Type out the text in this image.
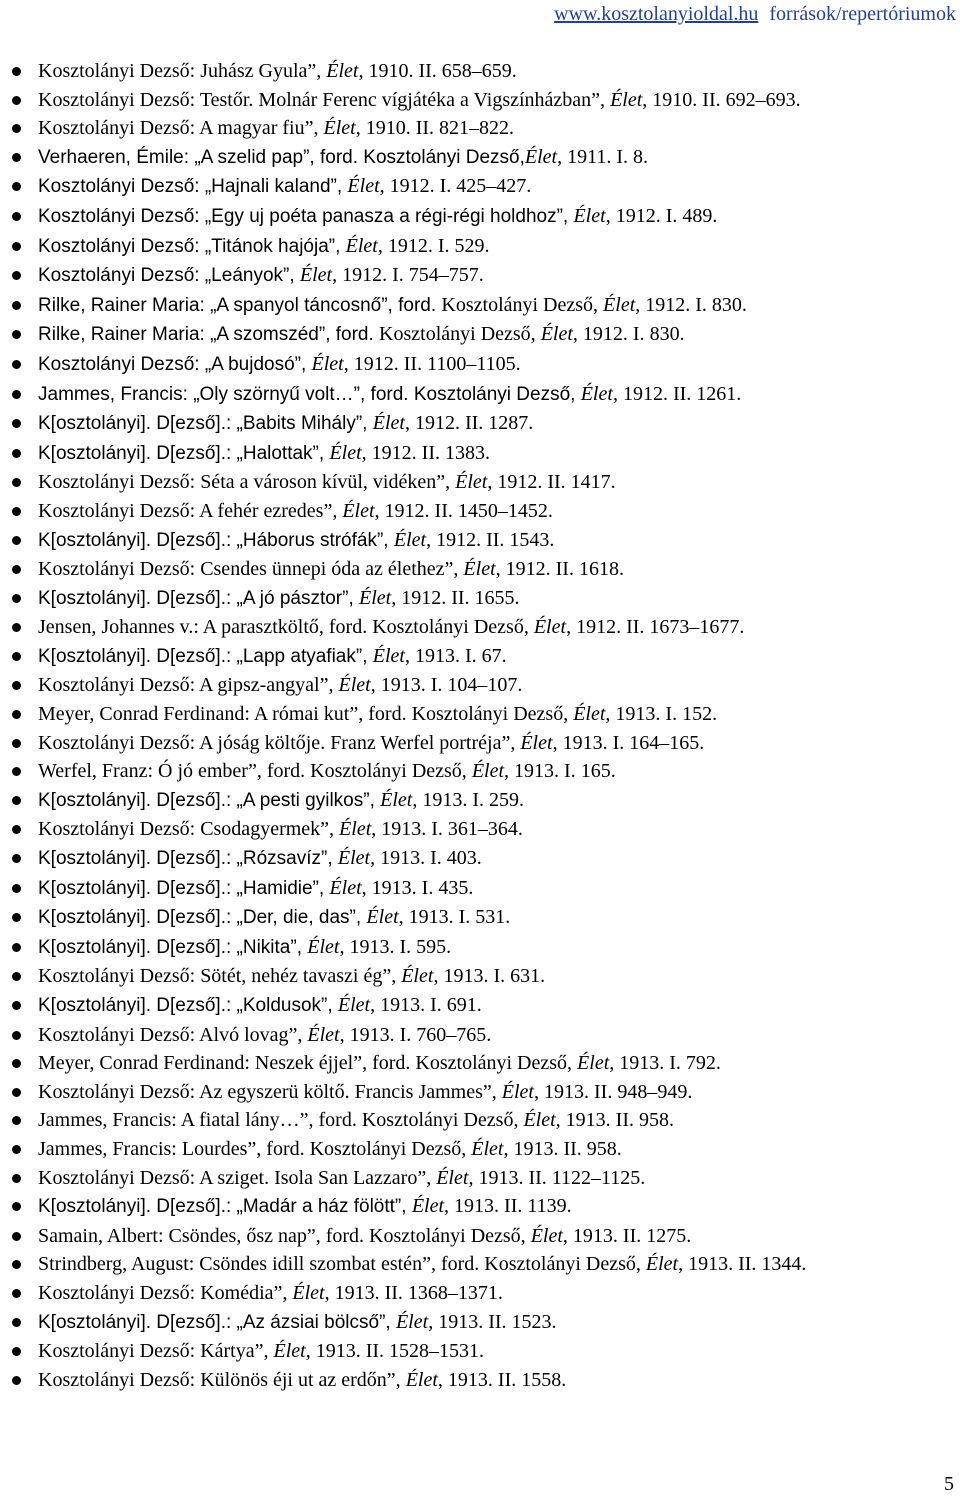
www.kosztolanyioldal.hu források/repertóriumok
Kosztolányi Dezső: Juhász Gyula”, Élet, 1910. II. 658–659.
Kosztolányi Dezső: Testőr. Molnár Ferenc vígjátéka a Vigszínházban”, Élet, 1910. II. 692–693.
Kosztolányi Dezső: A magyar fiu”, Élet, 1910. II. 821–822.
Verhaeren, Émile: „A szelid pap”, ford. Kosztolányi Dezső,Élet, 1911. I. 8.
Kosztolányi Dezső: „Hajnali kaland”, Élet, 1912. I. 425–427.
Kosztolányi Dezső: „Egy uj poéta panasza a régi-régi holdhoz”, Élet, 1912. I. 489.
Kosztolányi Dezső: „Titánok hajója”, Élet, 1912. I. 529.
Kosztolányi Dezső: „Leányok”, Élet, 1912. I. 754–757.
Rilke, Rainer Maria: „A spanyol táncosnő”, ford. Kosztolányi Dezső, Élet, 1912. I. 830.
Rilke, Rainer Maria: „A szomszéd”, ford. Kosztolányi Dezső, Élet, 1912. I. 830.
Kosztolányi Dezső: „A bujdosó”, Élet, 1912. II. 1100–1105.
Jammes, Francis: „Oly szörnyű volt…”, ford. Kosztolányi Dezső, Élet, 1912. II. 1261.
K[osztolányi]. D[ezső].: „Babits Mihály”, Élet, 1912. II. 1287.
K[osztolányi]. D[ezső].: „Halottak”, Élet, 1912. II. 1383.
Kosztolányi Dezső: Séta a városon kívül, vidéken”, Élet, 1912. II. 1417.
Kosztolányi Dezső: A fehér ezredes”, Élet, 1912. II. 1450–1452.
K[osztolányi]. D[ezső].: „Háborus strófák”, Élet, 1912. II. 1543.
Kosztolányi Dezső: Csendes ünnepi óda az élethez”, Élet, 1912. II. 1618.
K[osztolányi]. D[ezső].: „A jó pásztor”, Élet, 1912. II. 1655.
Jensen, Johannes v.: A parasztköltő, ford. Kosztolányi Dezső, Élet, 1912. II. 1673–1677.
K[osztolányi]. D[ezső].: „Lapp atyafiak”, Élet, 1913. I. 67.
Kosztolányi Dezső: A gipsz-angyal”, Élet, 1913. I. 104–107.
Meyer, Conrad Ferdinand: A római kut”, ford. Kosztolányi Dezső, Élet, 1913. I. 152.
Kosztolányi Dezső: A jóság költője. Franz Werfel portréja”, Élet, 1913. I. 164–165.
Werfel, Franz: Ó jó ember”, ford. Kosztolányi Dezső, Élet, 1913. I. 165.
K[osztolányi]. D[ezső].: „A pesti gyilkos”, Élet, 1913. I. 259.
Kosztolányi Dezső: Csodagyermek”, Élet, 1913. I. 361–364.
K[osztolányi]. D[ezső].: „Rózsavíz”, Élet, 1913. I. 403.
K[osztolányi]. D[ezső].: „Hamidie”, Élet, 1913. I. 435.
K[osztolányi]. D[ezső].: „Der, die, das”, Élet, 1913. I. 531.
K[osztolányi]. D[ezső].: „Nikita”, Élet, 1913. I. 595.
Kosztolányi Dezső: Sötét, nehéz tavaszi ég”, Élet, 1913. I. 631.
K[osztolányi]. D[ezső].: „Koldusok”, Élet, 1913. I. 691.
Kosztolányi Dezső: Alvó lovag”, Élet, 1913. I. 760–765.
Meyer, Conrad Ferdinand: Neszek éjjel”, ford. Kosztolányi Dezső, Élet, 1913. I. 792.
Kosztolányi Dezső: Az egyszerü költő. Francis Jammes”, Élet, 1913. II. 948–949.
Jammes, Francis: A fiatal lány…”, ford. Kosztolányi Dezső, Élet, 1913. II. 958.
Jammes, Francis: Lourdes”, ford. Kosztolányi Dezső, Élet, 1913. II. 958.
Kosztolányi Dezső: A sziget. Isola San Lazzaro”, Élet, 1913. II. 1122–1125.
K[osztolányi]. D[ezső].: „Madár a ház fölött”, Élet, 1913. II. 1139.
Samain, Albert: Csöndes, ősz nap”, ford. Kosztolányi Dezső, Élet, 1913. II. 1275.
Strindberg, August: Csöndes idill szombat estén”, ford. Kosztolányi Dezső, Élet, 1913. II. 1344.
Kosztolányi Dezső: Komédia”, Élet, 1913. II. 1368–1371.
K[osztolányi]. D[ezső].: „Az ázsiai bölcső”, Élet, 1913. II. 1523.
Kosztolányi Dezső: Kártya”, Élet, 1913. II. 1528–1531.
Kosztolányi Dezső: Különös éji ut az erdőn”, Élet, 1913. II. 1558.
5
